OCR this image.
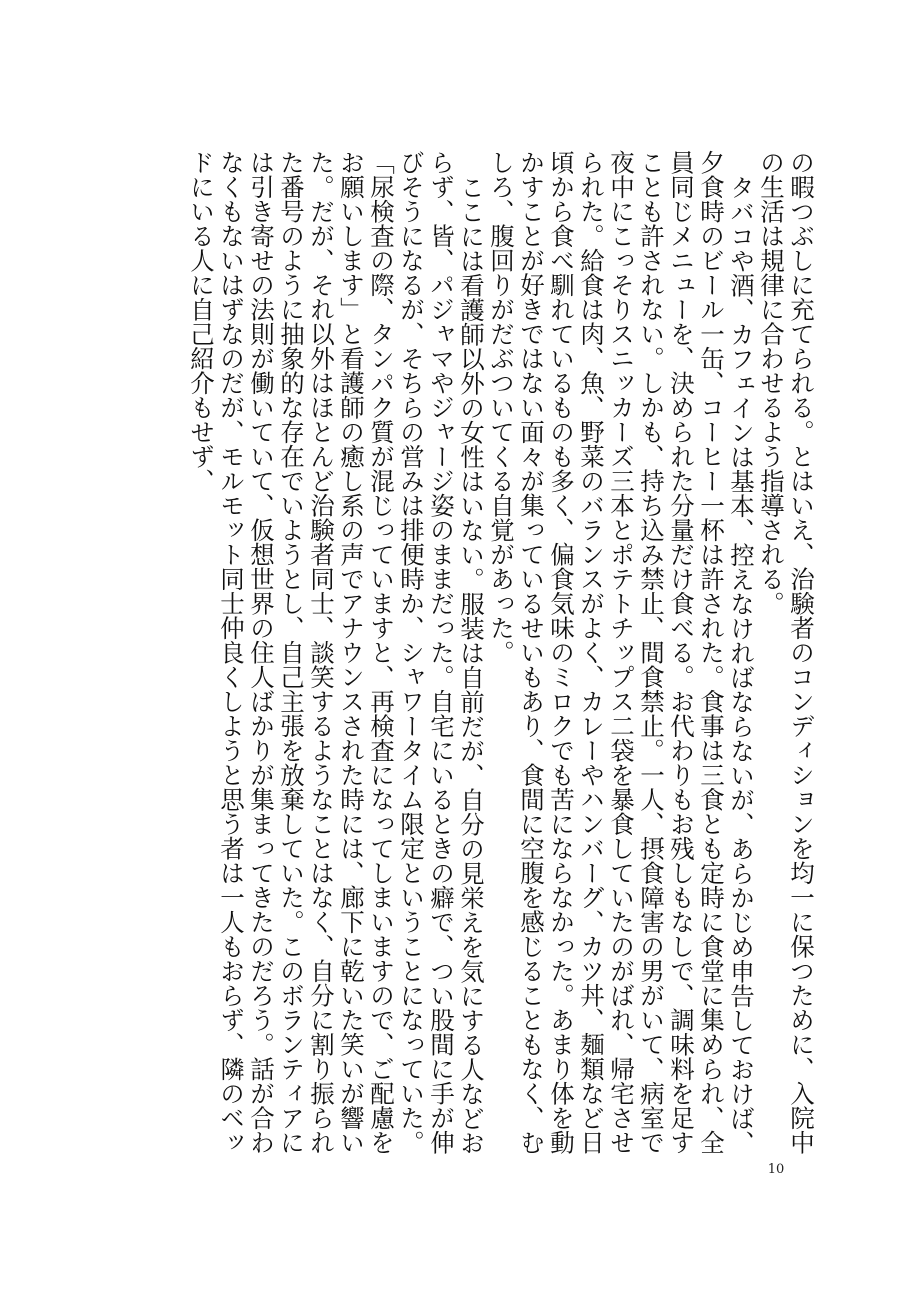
の暇つぶしに充てられる。とはいえ、治験者のコンディションを均一に保つために、入院中の生活は規律に合わせるよう指導される。

タバコや酒、カフェインは基本、控えなければならないが、あらかじめ申告しておけば、夕食時のビール一缶、コーヒー一杯は許された。食事は三食とも定時に食堂に集められ、全員同じメニューを、決められた分量だけ食べる。お代わりもお残しもなしで、調味料を足すことも許されない。しかも、持ち込み禁止、間食禁止。一人、摂食障害の男がいて、病室で夜中にこっそりスニッカーズ三本とポテトチップス二袋を暴食していたのがばれ、帰宅させられた。給食は肉、魚、野菜のバランスがよく、カレーやハンバーグ、カツ丼、麺類など日頃から食べ馴れているものも多く、偏食気味のミロクでも苦にならなかった。あまり体を動かすことが好きではない面々が集っているせいもあり、食間に空腹を感じることもなく、むしろ、腹回りがだぶついてくる自覚があった。

ここには看護師以外の女性はいない。服装は自前だが、自分の見栄えを気にする人などおらず、皆、パジャマやジャージ姿のままだった。自宅にいるときの癖で、つい股間に手が伸びそうになるが、そちらの営みは排便時か、シャワータイム限定ということになっていた。

「尿検査の際、タンパク質が混じっていますと、再検査になってしまいますので、ご配慮をお願いします」と看護師の癒し系の声でアナウンスされた時には、廊下に乾いた笑いが響いた。だが、それ以外はほとんど治験者同士、談笑するようなことはなく、自分に割り振られた番号のように抽象的な存在でいようとし、自己主張を放棄していた。このボランティアには引き寄せの法則が働いていて、仮想世界の住人ばかりが集まってきたのだろう。話が合わなくもないはずなのだが、モルモット同士仲良くしようと思う者は一人もおらず、隣のベッドにいる人に自己紹介もせず、

10
